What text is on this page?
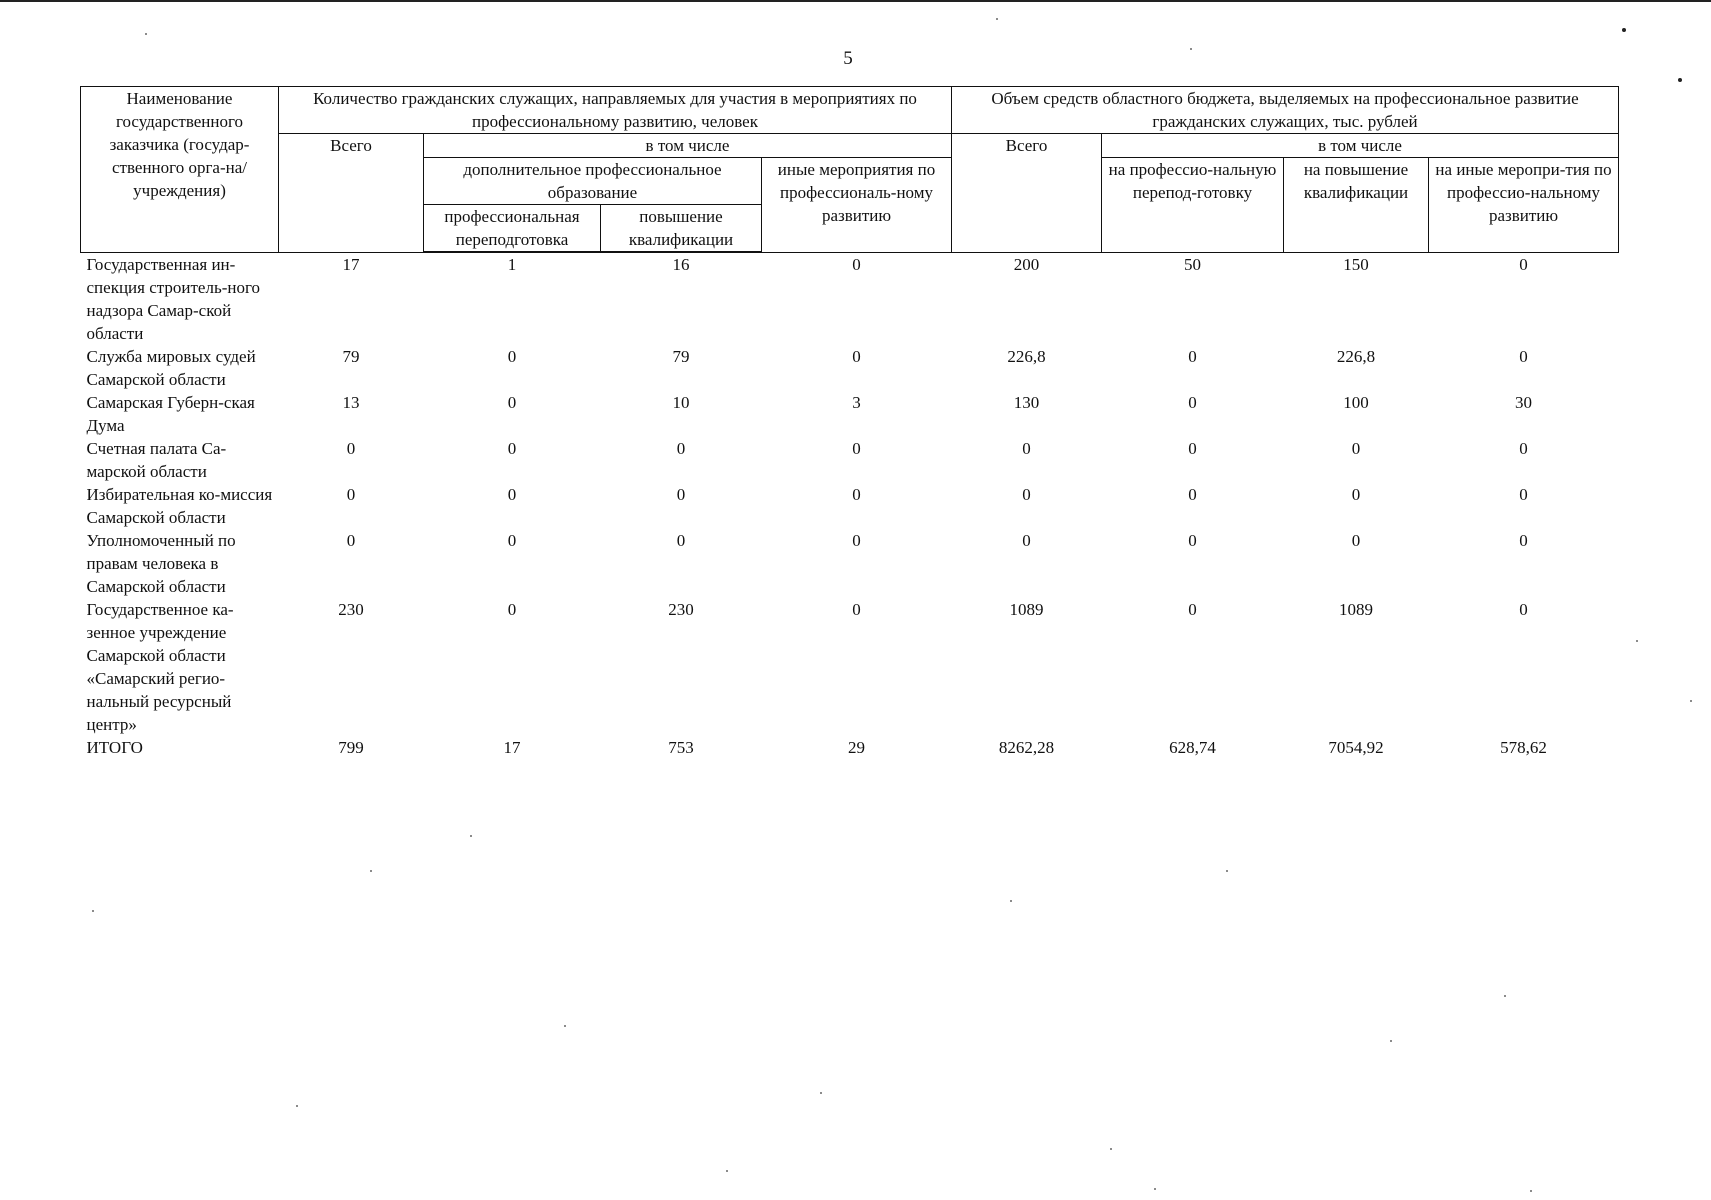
5
Наименование государственного заказчика (государ-ственного орга-на/учреждения)	Количество гражданских служащих, направляемых для участия в мероприятиях по профессиональному развитию, человек				Объем средств областного бюджета, выделяемых на профессиональное развитие гражданских служащих, тыс. рублей			
	Всего	в том числе			Всего	в том числе		
		дополнительное профессиональное образование		иные мероприятия по профессиональ-ному развитию		на профессио-нальную перепод-готовку	на повышение квалификации	на иные меропри-тия по профессио-нальному развитию
		профессиональная переподготовка	повышение квалификации					
Государственная ин-спекция строитель-ного надзора Самар-ской области	17	1	16	0	200	50	150	0
Служба мировых судей Самарской области	79	0	79	0	226,8	0	226,8	0
Самарская Губерн-ская Дума	13	0	10	3	130	0	100	30
Счетная палата Са-марской области	0	0	0	0	0	0	0	0
Избирательная ко-миссия Самарской области	0	0	0	0	0	0	0	0
Уполномоченный по правам человека в Самарской области	0	0	0	0	0	0	0	0
Государственное ка-зенное учреждение Самарской области «Самарский регио-нальный ресурсный центр»	230	0	230	0	1089	0	1089	0
ИТОГО	799	17	753	29	8262,28	628,74	7054,92	578,62
